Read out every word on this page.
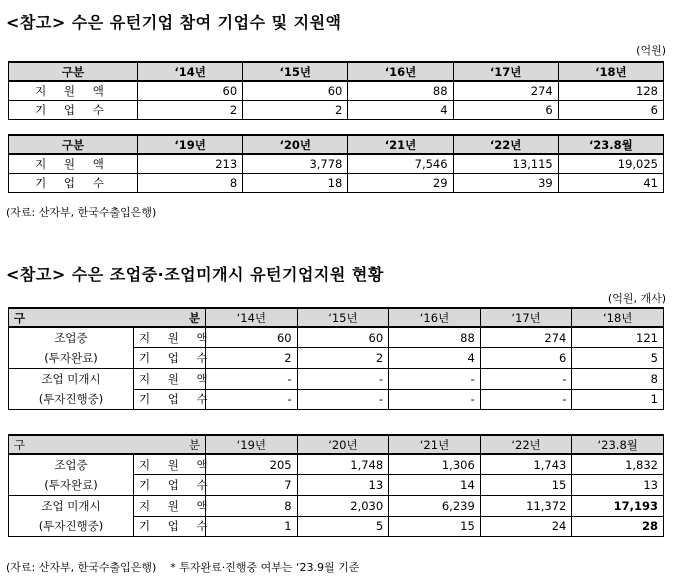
<참고> 수은 유턴기업 참여 기업수 및 지원액
(억원)
구분	‘14년	‘15년	‘16년	‘17년	‘18년
지 원 액	60	60	88	274	128
기 업 수	2	2	4	6	6
구분	‘19년	‘20년	‘21년	‘22년	‘23.8월
지 원 액	213	3,778	7,546	13,115	19,025
기 업 수	8	18	29	39	41
(자료: 산자부, 한국수출입은행)
<참고> 수은 조업중·조업미개시 유턴기업지원 현황
(억원, 개사)
구 분		‘14년	‘15년	‘16년	‘17년	‘18년

조업중
(투자완료)	지 원 액	60	60	88	274	121
	기 업 수	2	2	4	6	5

조업 미개시
(투자진행중)	지 원 액	-	-	-	-	8
	기 업 수	-	-	-	-	1
구 분		‘19년	‘20년	‘21년	‘22년	‘23.8월

조업중
(투자완료)	지 원 액	205	1,748	1,306	1,743	1,832
	기 업 수	7	13	14	15	13

조업 미개시
(투자진행중)	지 원 액	8	2,030	6,239	11,372	17,193
	기 업 수	1	5	15	24	28
(자료: 산자부, 한국수출입은행) * 투자완료·진행중 여부는 ‘23.9월 기준
